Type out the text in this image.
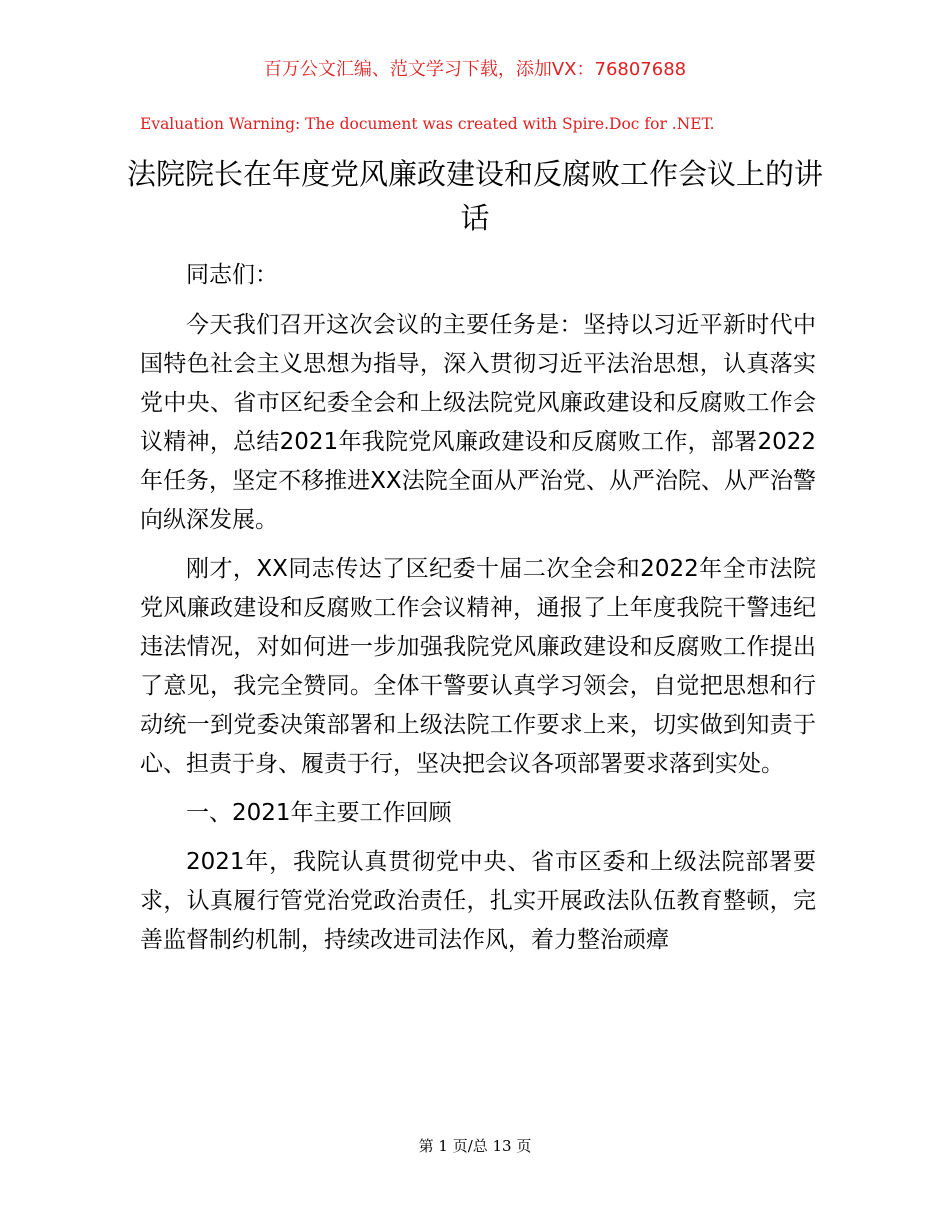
百万公文汇编、范文学习下载，添加VX：76807688
Evaluation Warning: The document was created with Spire.Doc for .NET.
法院院长在年度党风廉政建设和反腐败工作会议上的讲话

同志们：

今天我们召开这次会议的主要任务是：坚持以习近平新时代中国特色社会主义思想为指导，深入贯彻习近平法治思想，认真落实党中央、省市区纪委全会和上级法院党风廉政建设和反腐败工作会议精神，总结2021年我院党风廉政建设和反腐败工作，部署2022年任务，坚定不移推进XX法院全面从严治党、从严治院、从严治警向纵深发展。

刚才，XX同志传达了区纪委十届二次全会和2022年全市法院党风廉政建设和反腐败工作会议精神，通报了上年度我院干警违纪违法情况，对如何进一步加强我院党风廉政建设和反腐败工作提出了意见，我完全赞同。全体干警要认真学习领会，自觉把思想和行动统一到党委决策部署和上级法院工作要求上来，切实做到知责于心、担责于身、履责于行，坚决把会议各项部署要求落到实处。

一、2021年主要工作回顾

2021年，我院认真贯彻党中央、省市区委和上级法院部署要求，认真履行管党治党政治责任，扎实开展政法队伍教育整顿，完善监督制约机制，持续改进司法作风，着力整治顽瘴

第 1 页/总 13 页
